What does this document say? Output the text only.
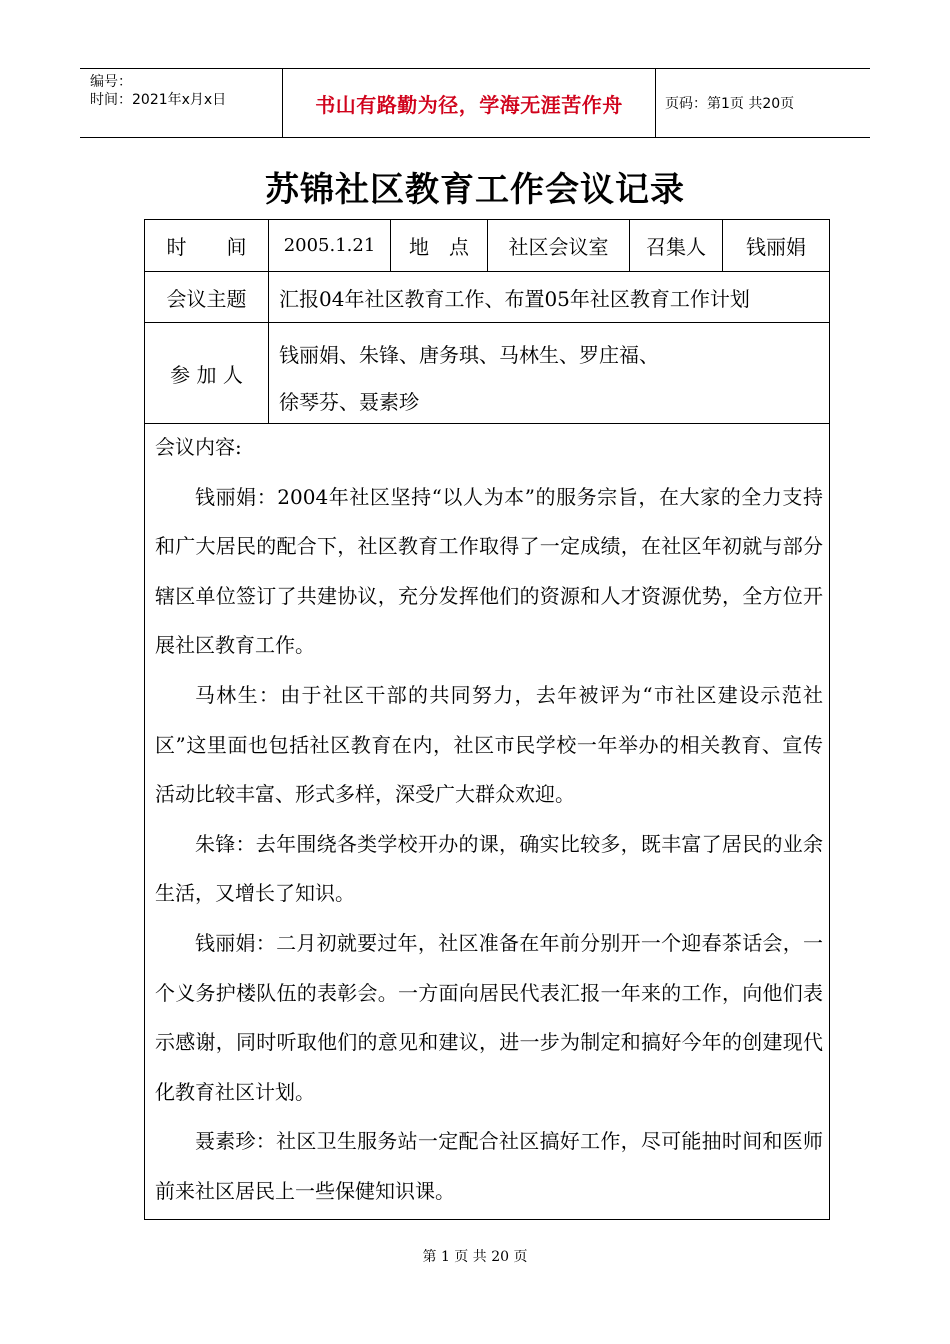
编号：
时间：2021年x月x日	书山有路勤为径，学海无涯苦作舟	页码：第1页 共20页
苏锦社区教育工作会议记录
时　　间	2005.1.21	地　点	社区会议室	召集人	钱丽娟
会议主题	汇报04年社区教育工作、布置05年社区教育工作计划
参 加 人
钱丽娟、朱锋、唐务琪、马林生、罗庄福、
徐琴芬、聂素珍

会议内容:

钱丽娟：2004年社区坚持“以人为本”的服务宗旨，在大家的全力支持和广大居民的配合下，社区教育工作取得了一定成绩，在社区年初就与部分辖区单位签订了共建协议，充分发挥他们的资源和人才资源优势，全方位开展社区教育工作。

马林生：由于社区干部的共同努力，去年被评为“市社区建设示范社区”这里面也包括社区教育在内，社区市民学校一年举办的相关教育、宣传活动比较丰富、形式多样，深受广大群众欢迎。

朱锋：去年围绕各类学校开办的课，确实比较多，既丰富了居民的业余生活，又增长了知识。

钱丽娟：二月初就要过年，社区准备在年前分别开一个迎春茶话会，一个义务护楼队伍的表彰会。一方面向居民代表汇报一年来的工作，向他们表示感谢，同时听取他们的意见和建议，进一步为制定和搞好今年的创建现代化教育社区计划。

聂素珍：社区卫生服务站一定配合社区搞好工作，尽可能抽时间和医师前来社区居民上一些保健知识课。

第 1 页 共 20 页
